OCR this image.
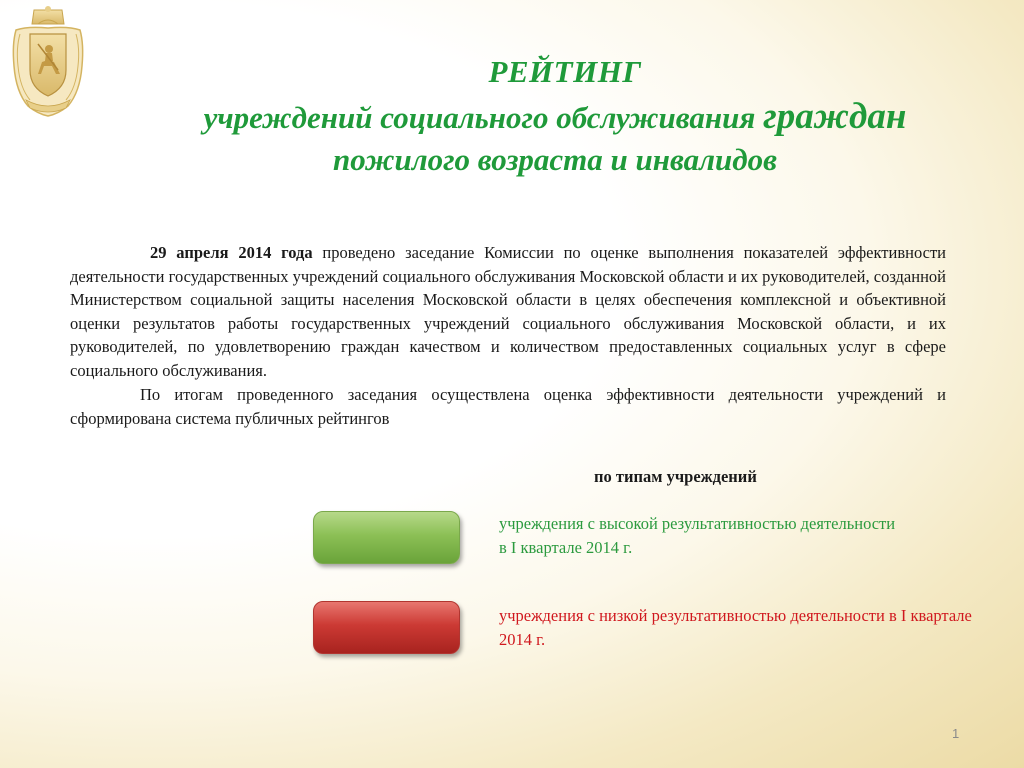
РЕЙТИНГ
учреждений социального обслуживания граждан
пожилого возраста и инвалидов

29 апреля 2014 года проведено заседание Комиссии по оценке выполнения показателей эффективности деятельности государственных учреждений социального обслуживания Московской области и их руководителей, созданной Министерством социальной защиты населения Московской области в целях обеспечения комплексной и объективной оценки результатов работы государственных учреждений социального обслуживания Московской области, и их руководителей, по удовлетворению граждан качеством и количеством предоставленных социальных услуг в сфере социального обслуживания.

По итогам проведенного заседания осуществлена оценка эффективности деятельности учреждений и сформирована система публичных рейтингов

по типам учреждений
учреждения с высокой результативностью деятельности в I квартале 2014 г.
учреждения с низкой результативностью деятельности в I квартале 2014 г.
1
